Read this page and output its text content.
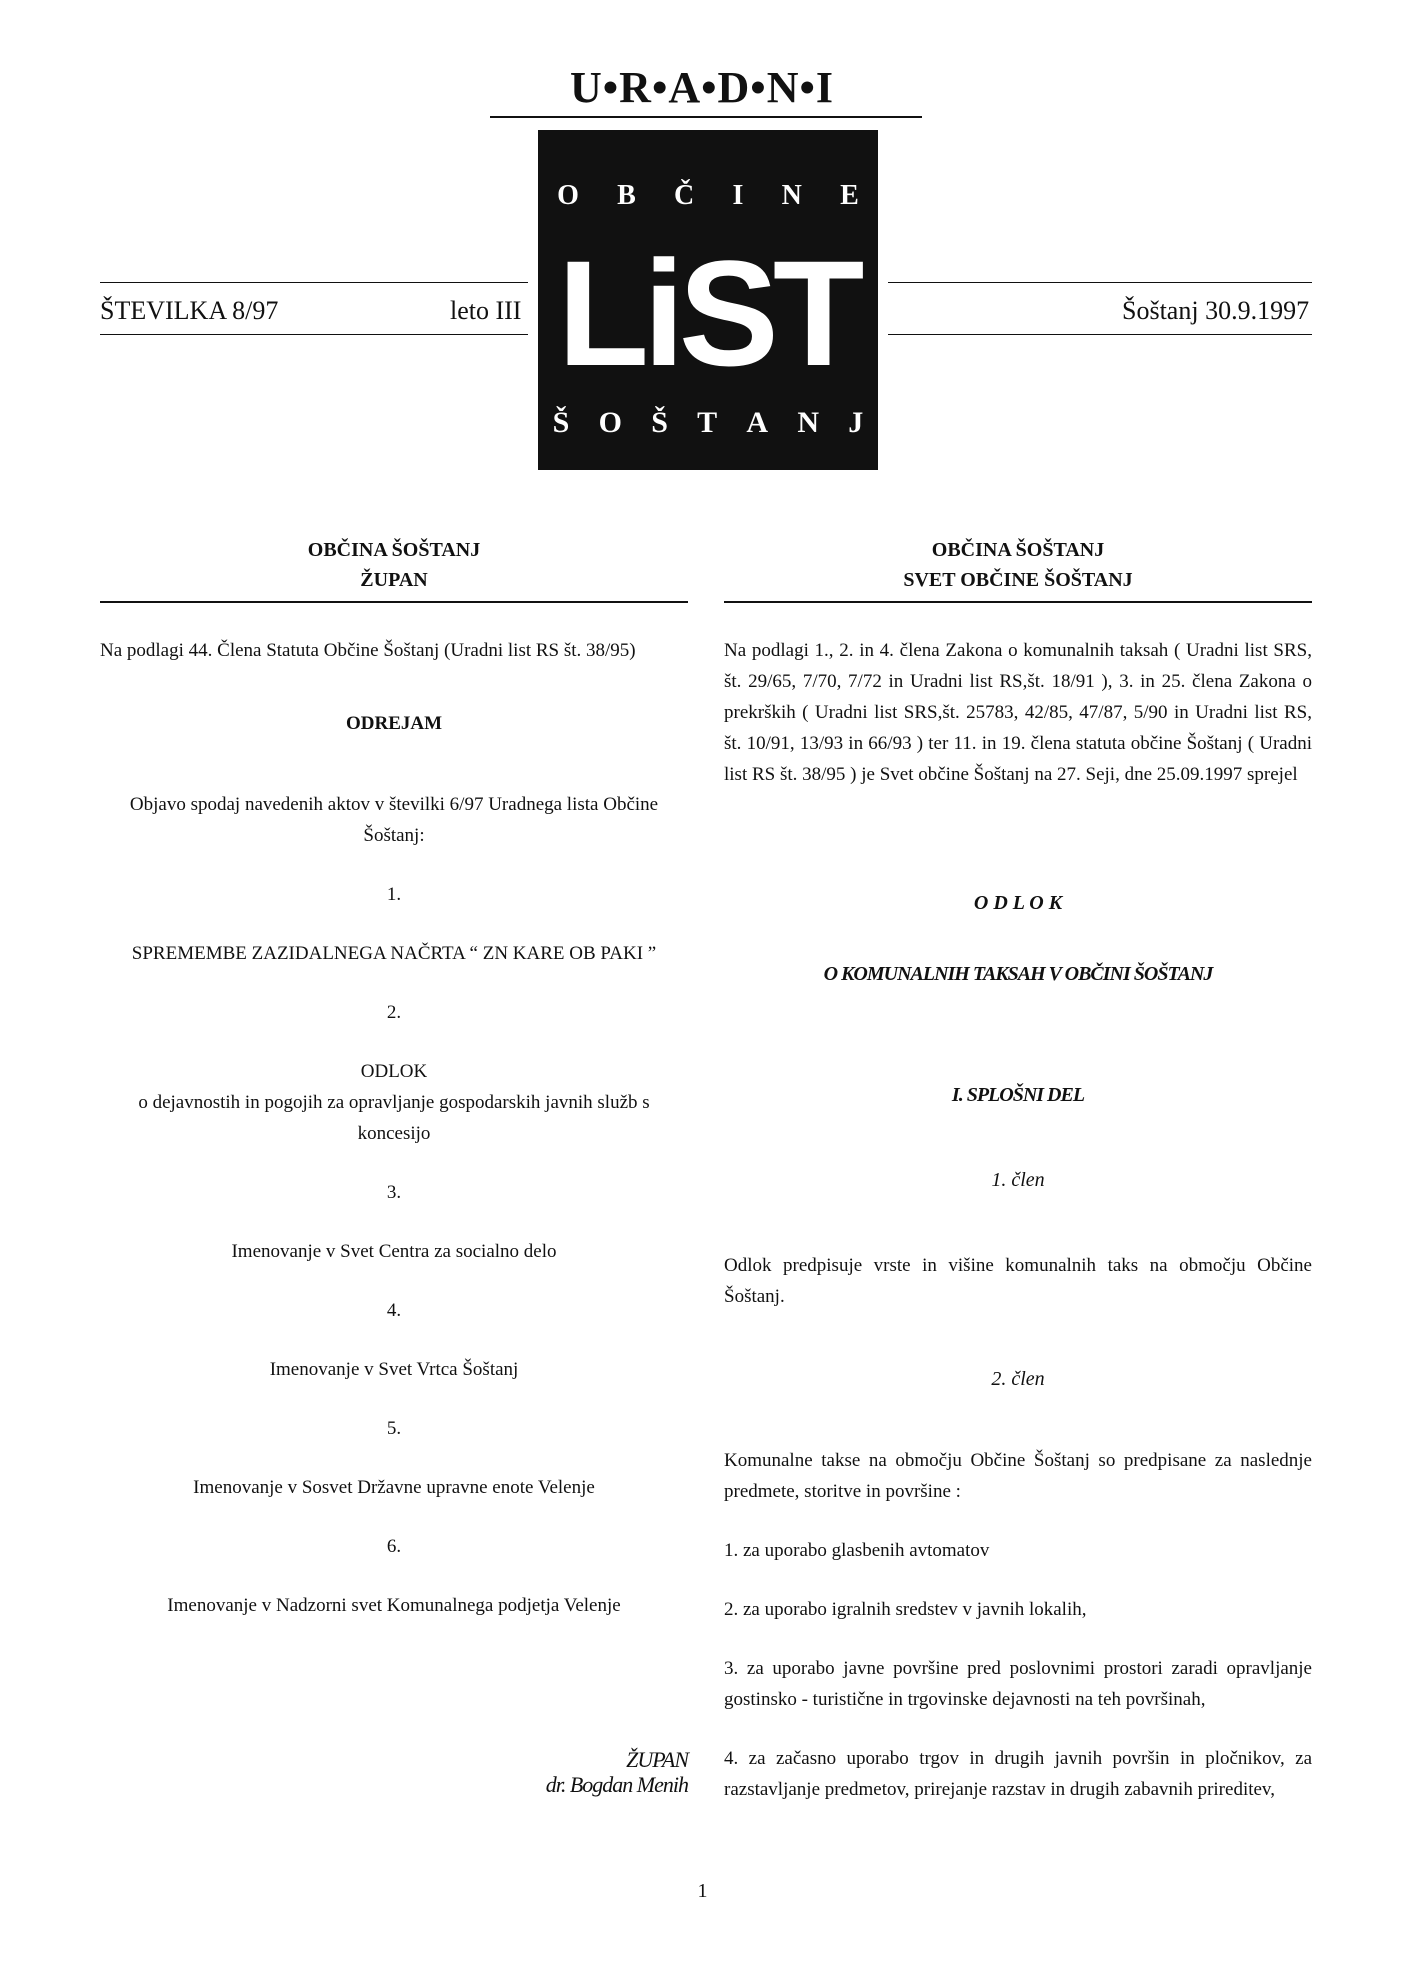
U•R•A•D•N•I
O B Č I N E
LiST
Š O Š T A N J
ŠTEVILKA 8/97	leto III	Šoštanj 30.9.1997

OBČINA ŠOŠTANJ

ŽUPAN

Na podlagi 44. Člena Statuta Občine Šoštanj (Uradni list RS št. 38/95)

ODREJAM

Objavo spodaj navedenih aktov v številki 6/97 Uradnega lista Občine Šoštanj:

1.

SPREMEMBE ZAZIDALNEGA NAČRTA “ ZN KARE OB PAKI ”

2.

ODLOK
o dejavnostih in pogojih za opravljanje gospodarskih javnih služb s koncesijo

3.

Imenovanje v Svet Centra za socialno delo

4.

Imenovanje v Svet Vrtca Šoštanj

5.

Imenovanje v Sosvet Državne upravne enote Velenje

6.

Imenovanje v Nadzorni svet Komunalnega podjetja Velenje

ŽUPAN

dr. Bogdan Menih

OBČINA ŠOŠTANJ

SVET OBČINE ŠOŠTANJ

Na podlagi 1., 2. in 4. člena Zakona o komunalnih taksah ( Uradni list SRS, št. 29/65, 7/70, 7/72 in Uradni list RS,št. 18/91 ), 3. in 25. člena Zakona o prekrških ( Uradni list SRS,št. 25783, 42/85, 47/87, 5/90 in Uradni list RS, št. 10/91, 13/93 in 66/93 ) ter 11. in 19. člena statuta občine Šoštanj ( Uradni list RS št. 38/95 ) je Svet občine Šoštanj na 27. Seji, dne 25.09.1997 sprejel

O D L O K

O KOMUNALNIH TAKSAH V OBČINI ŠOŠTANJ

I. SPLOŠNI DEL

1. člen

Odlok predpisuje vrste in višine komunalnih taks na območju Občine Šoštanj.

2. člen

Komunalne takse na območju Občine Šoštanj so predpisane za naslednje predmete, storitve in površine :

1. za uporabo glasbenih avtomatov

2. za uporabo igralnih sredstev v javnih lokalih,

3. za uporabo javne površine pred poslovnimi prostori zaradi opravljanje gostinsko - turistične in trgovinske dejavnosti na teh površinah,

4. za začasno uporabo trgov in drugih javnih površin in pločnikov, za razstavljanje predmetov, prirejanje razstav in drugih zabavnih prireditev,

1
